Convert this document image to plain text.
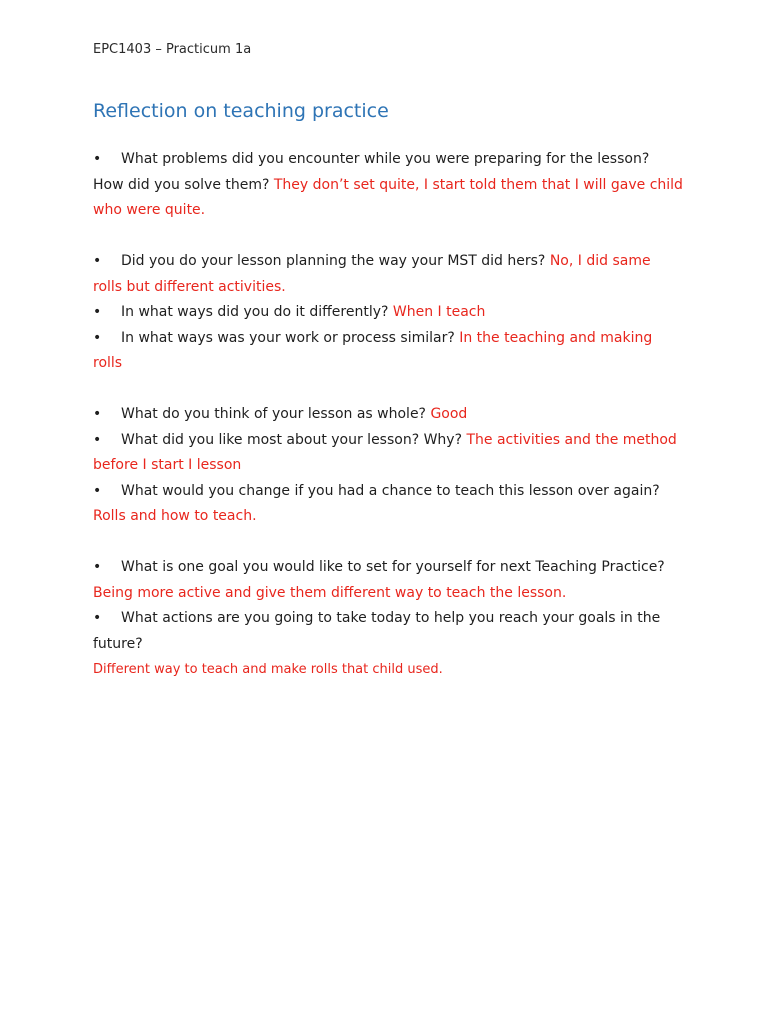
EPC1403 – Practicum 1a
Reflection on teaching practice

• What problems did you encounter while you were preparing for the lesson? How did you solve them? They don’t set quite, I start told them that I will gave child who were quite.

• Did you do your lesson planning the way your MST did hers? No, I did same rolls but different activities.

• In what ways did you do it differently? When I teach

• In what ways was your work or process similar? In the teaching and making rolls

• What do you think of your lesson as whole? Good

• What did you like most about your lesson? Why? The activities and the method before I start I lesson

• What would you change if you had a chance to teach this lesson over again? Rolls and how to teach.

• What is one goal you would like to set for yourself for next Teaching Practice? Being more active and give them different way to teach the lesson.

• What actions are you going to take today to help you reach your goals in the future?

Different way to teach and make rolls that child used.
